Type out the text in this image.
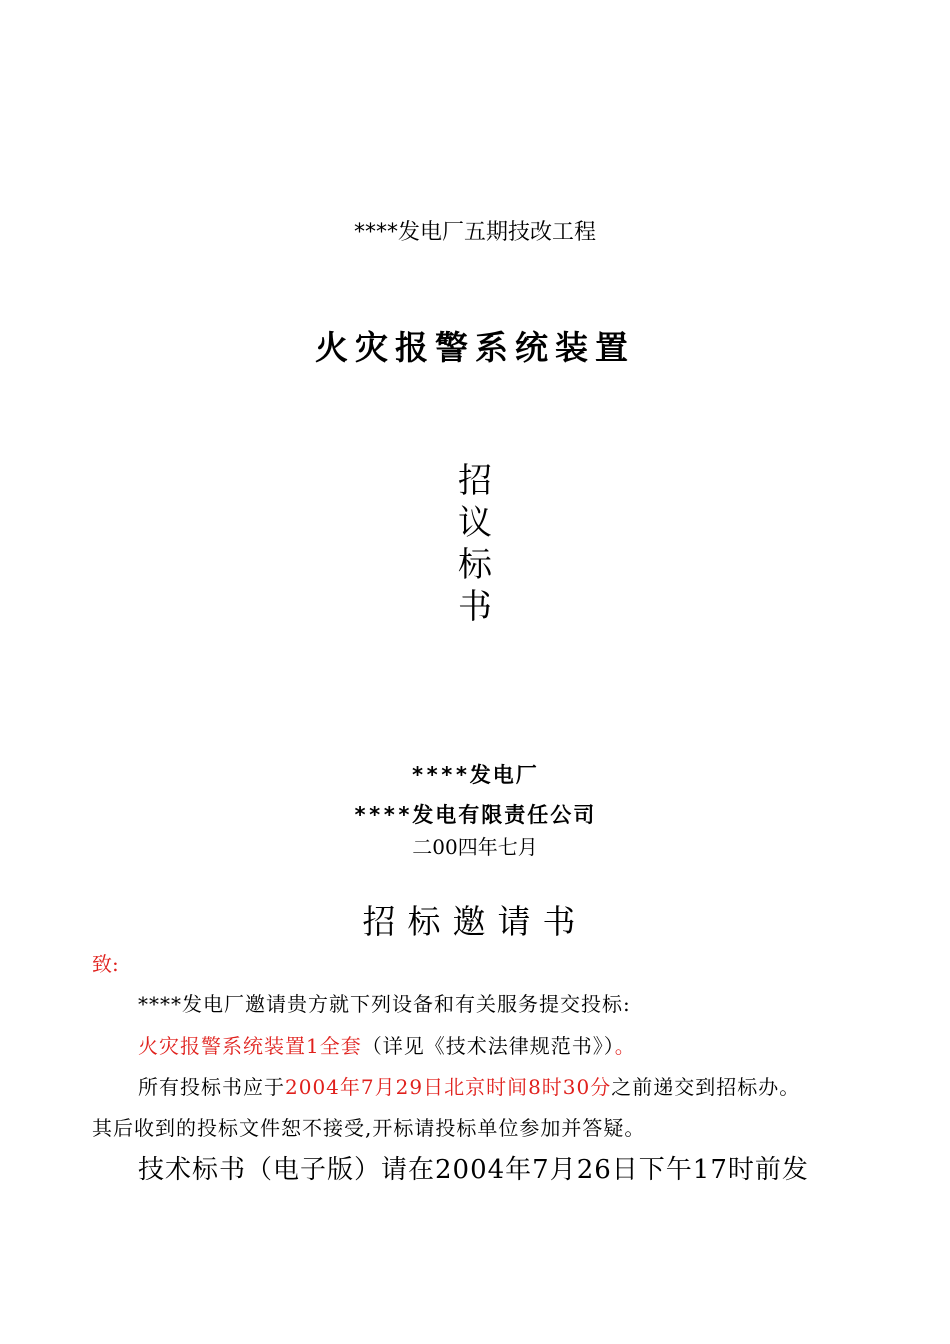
****发电厂五期技改工程
火灾报警系统装置
招
议
标
书
****发电厂
****发电有限责任公司
二00四年七月
招标邀请书
致:
****发电厂邀请贵方就下列设备和有关服务提交投标:
火灾报警系统装置1全套（详见《技术法律规范书》）。
所有投标书应于2004年7月29日北京时间8时30分之前递交到招标办。
其后收到的投标文件恕不接受,开标请投标单位参加并答疑。
技术标书（电子版）请在2004年7月26日下午17时前发
